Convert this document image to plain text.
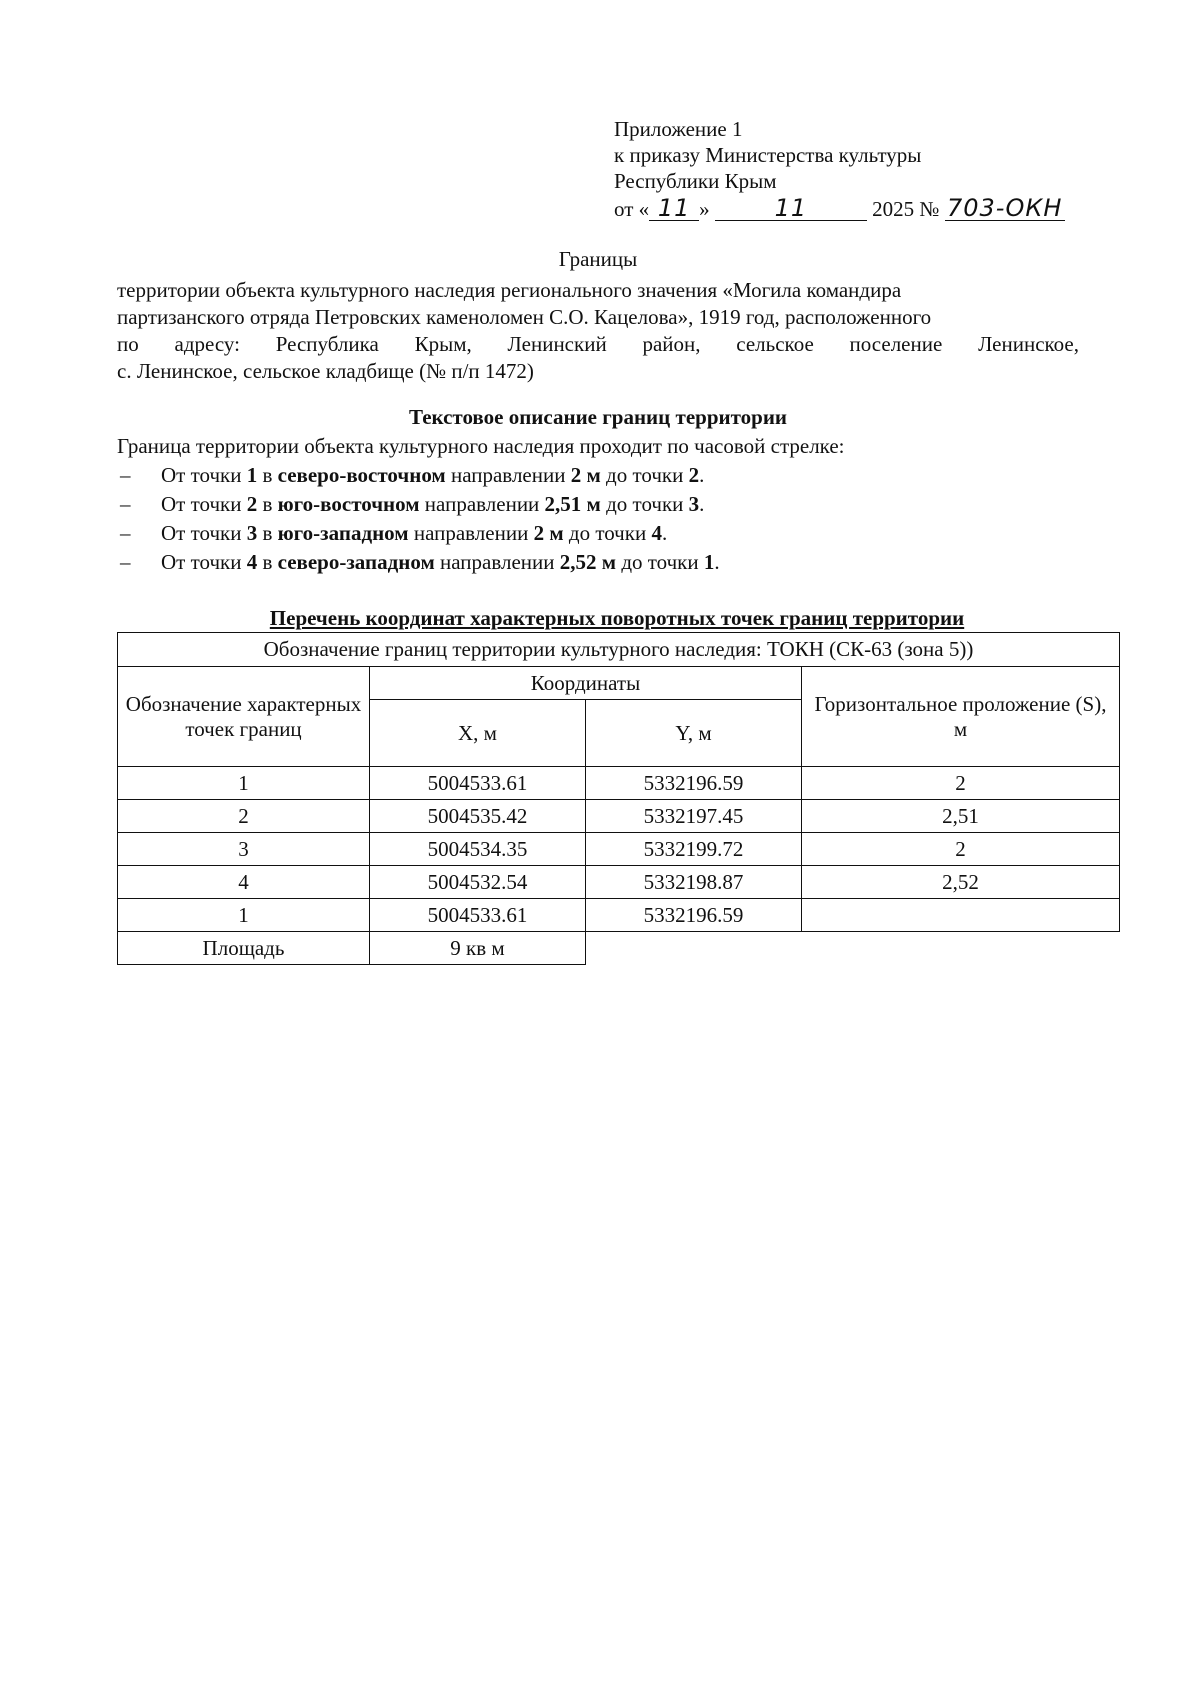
Приложение 1
к приказу Министерства культуры
Республики Крым
от « 11 »	11	2025 № 703-ОКН
Границы

территории объекта культурного наследия регионального значения «Могила командира

партизанского отряда Петровских каменоломен С.О. Кацелова», 1919 год, расположенного

по адресу: Республика Крым, Ленинский район, сельское поселение Ленинское,

с. Ленинское, сельское кладбище (№ п/п 1472)

Текстовое описание границ территории

Граница территории объекта культурного наследия проходит по часовой стрелке:

– От точки 1 в северо-восточном направлении 2 м до точки 2.
– От точки 2 в юго-восточном направлении 2,51 м до точки 3.
– От точки 3 в юго-западном направлении 2 м до точки 4.
– От точки 4 в северо-западном направлении 2,52 м до точки 1.
Перечень координат характерных поворотных точек границ территории
Обозначение границ территории культурного наследия: ТОКН (СК-63 (зона 5))			
Обозначение характерных точек границ	Координаты		Горизонтальное проложение (S), м
	X, м	Y, м	
1	5004533.61	5332196.59	2
2	5004535.42	5332197.45	2,51
3	5004534.35	5332199.72	2
4	5004532.54	5332198.87	2,52
1	5004533.61	5332196.59	
Площадь	9 кв м		
